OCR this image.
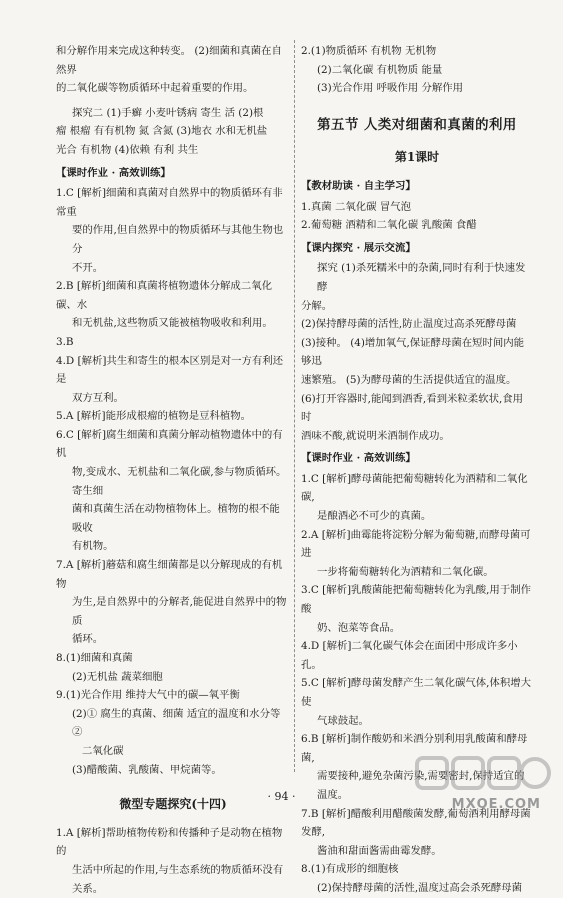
和分解作用来完成这种转变。 (2)细菌和真菌在自然界

的二氧化碳等物质循环中起着重要的作用。

探究二 (1)手癣 小麦叶锈病 寄生 活 (2)根

瘤 根瘤 有有机物 氮 含氮 (3)地衣 水和无机盐

光合 有机物 (4)依赖 有利 共生

【课时作业 · 高效训练】

1.C [解析]细菌和真菌对自然界中的物质循环有非常重

要的作用,但自然界中的物质循环与其他生物也分

不开。

2.B [解析]细菌和真菌将植物遗体分解成二氧化碳、水

和无机盐,这些物质又能被植物吸收和利用。

3.B

4.D [解析]共生和寄生的根本区别是对一方有利还是

双方互利。

5.A [解析]能形成根瘤的植物是豆科植物。

6.C [解析]腐生细菌和真菌分解动植物遗体中的有机

物,变成水、无机盐和二氧化碳,参与物质循环。寄生细

菌和真菌生活在动物植物体上。植物的根不能吸收

有机物。

7.A [解析]蘑菇和腐生细菌都是以分解现成的有机物

为生,是自然界中的分解者,能促进自然界中的物质

循环。

8.(1)细菌和真菌

(2)无机盐 蔬菜细胞

9.(1)光合作用 维持大气中的碳—氧平衡

(2)① 腐生的真菌、细菌 适宜的温度和水分等 ②

二氧化碳

(3)醋酸菌、乳酸菌、甲烷菌等。

微型专题探究(十四)

1.A [解析]帮助植物传粉和传播种子是动物在植物的

生活中所起的作用,与生态系统的物质循环没有关系。

2.(1)物质循环 有机物 无机物

(2)二氧化碳 有机物质 能量

(3)光合作用 呼吸作用 分解作用

第五节 人类对细菌和真菌的利用

第1课时

【教材助读 · 自主学习】

1.真菌 二氧化碳 冒气泡

2.葡萄糖 酒精和二氧化碳 乳酸菌 食醋

【课内探究 · 展示交流】

探究 (1)杀死糯米中的杂菌,同时有利于快速发酵

分解。

(2)保持酵母菌的活性,防止温度过高杀死酵母菌

(3)接种。 (4)增加氧气,保证酵母菌在短时间内能够迅

速繁殖。 (5)为酵母菌的生活提供适宜的温度。

(6)打开容器时,能闻到酒香,看到米粒柔软状,食用时

酒味不酸,就说明米酒制作成功。

【课时作业 · 高效训练】

1.C [解析]酵母菌能把葡萄糖转化为酒精和二氧化碳,

是酿酒必不可少的真菌。

2.A [解析]曲霉能将淀粉分解为葡萄糖,而酵母菌可进

一步将葡萄糖转化为酒精和二氧化碳。

3.C [解析]乳酸菌能把葡萄糖转化为乳酸,用于制作酸

奶、泡菜等食品。

4.D [解析]二氧化碳气体会在面团中形成许多小孔。

5.C [解析]酵母菌发酵产生二氧化碳气体,体积增大使

气球鼓起。

6.B [解析]制作酸奶和米酒分别利用乳酸菌和酵母菌,

需要接种,避免杂菌污染,需要密封,保持适宜的温度。

7.B [解析]醋酸利用醋酸菌发酵,葡萄酒利用酵母菌发酵,

酱油和甜面酱需曲霉发酵。

8.(1)有成形的细胞核

(2)保持酵母菌的活性,温度过高会杀死酵母菌

· 94 ·
MXQE.COM
